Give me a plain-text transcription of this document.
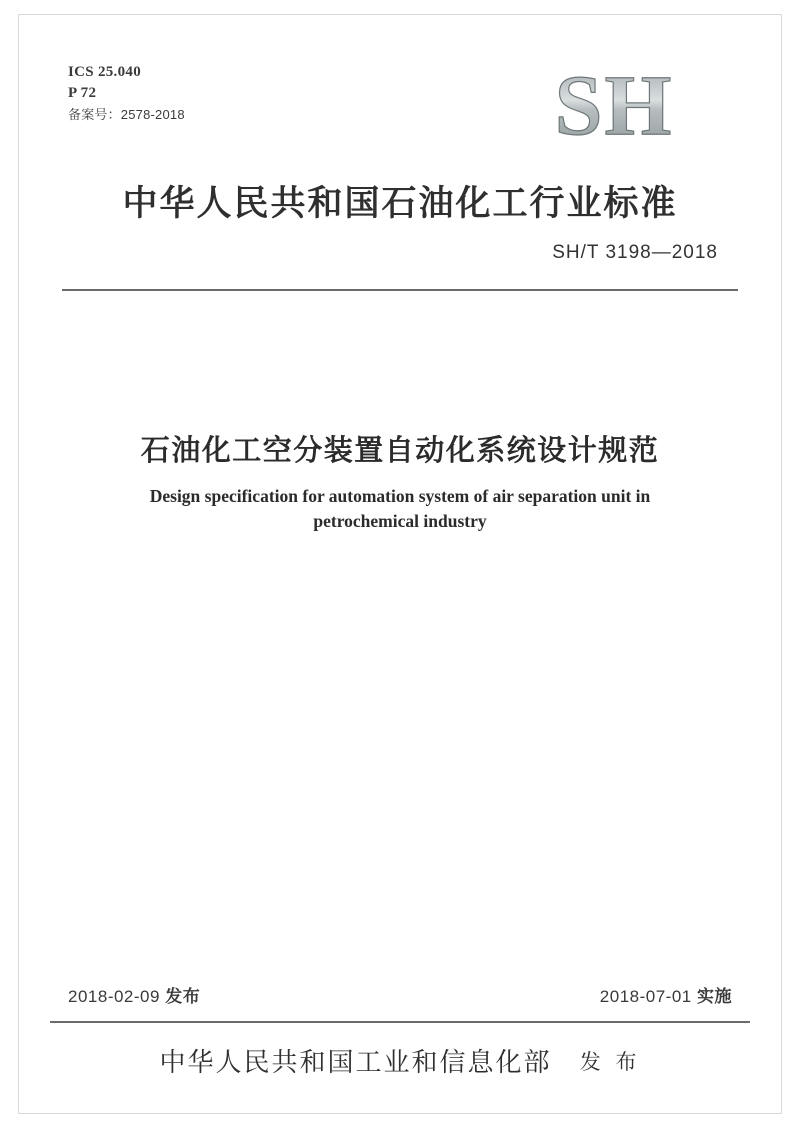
ICS 25.040
P 72
备案号：2578-2018	SH
中华人民共和国石油化工行业标准
SH/T 3198—2018
石油化工空分装置自动化系统设计规范
Design specification for automation system of air separation unit in petrochemical industry
2018-02-09 发布	2018-07-01 实施
中华人民共和国工业和信息化部 发 布
